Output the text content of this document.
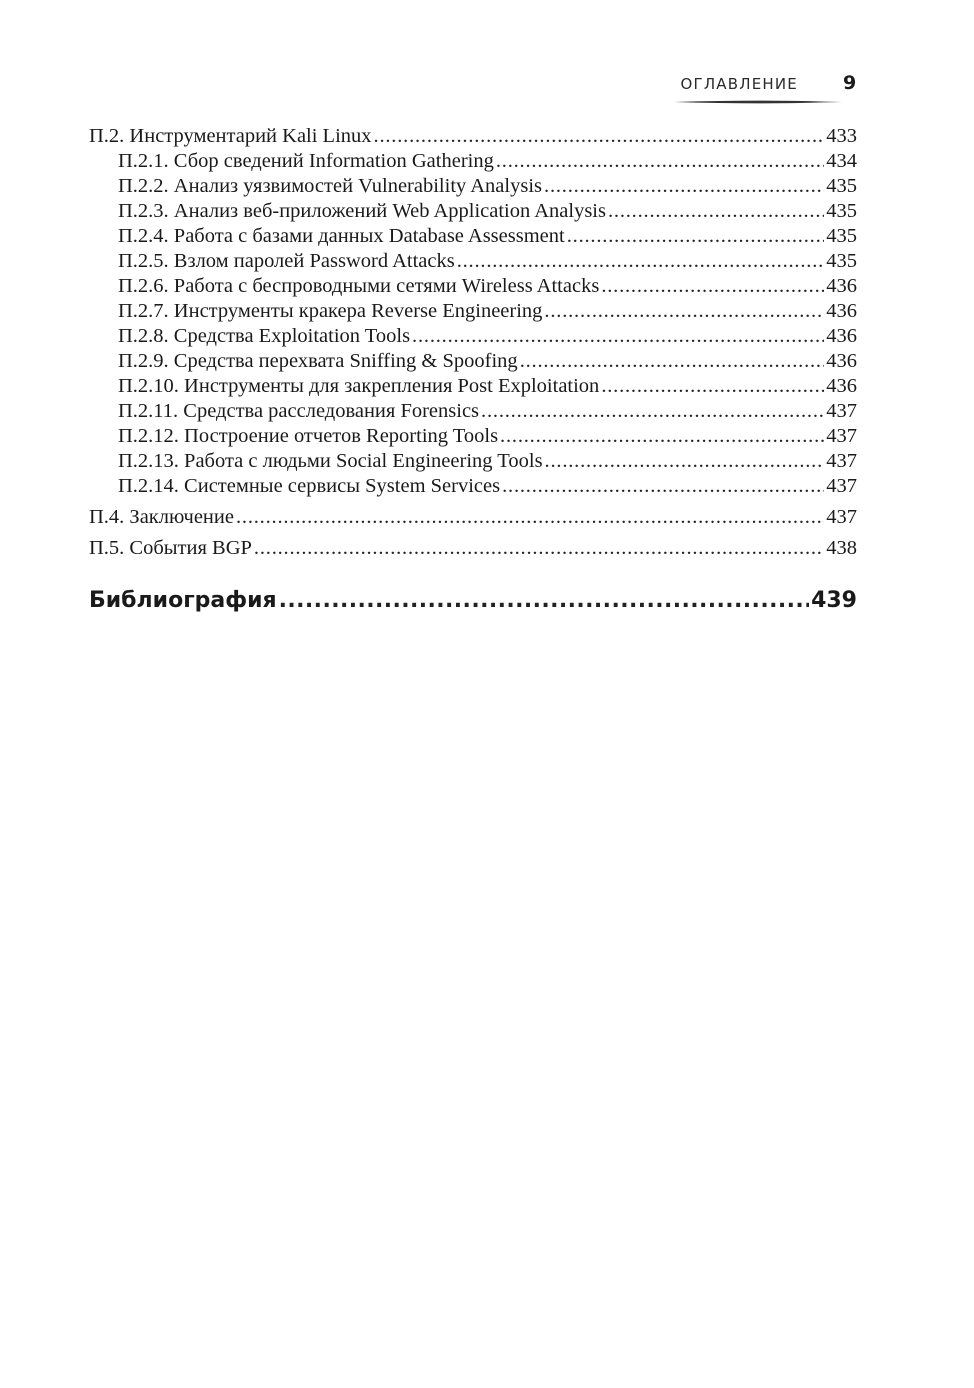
ОГЛАВЛЕНИЕ 9
П.2. Инструментарий Kali Linux .....	433
П.2.1. Сбор сведений Information Gathering .....	434
П.2.2. Анализ уязвимостей Vulnerability Analysis .....	435
П.2.3. Анализ веб-приложений Web Application Analysis .....	435
П.2.4. Работа с базами данных Database Assessment .....	435
П.2.5. Взлом паролей Password Attacks .....	435
П.2.6. Работа с беспроводными сетями Wireless Attacks .....	436
П.2.7. Инструменты кракера Reverse Engineering .....	436
П.2.8. Средства Exploitation Tools .....	436
П.2.9. Средства перехвата Sniffing & Spoofing .....	436
П.2.10. Инструменты для закрепления Post Exploitation .....	436
П.2.11. Средства расследования Forensics .....	437
П.2.12. Построение отчетов Reporting Tools .....	437
П.2.13. Работа с людьми Social Engineering Tools .....	437
П.2.14. Системные сервисы System Services .....	437
П.4. Заключение .....	437
П.5. События BGP .....	438
Библиография .....	439
